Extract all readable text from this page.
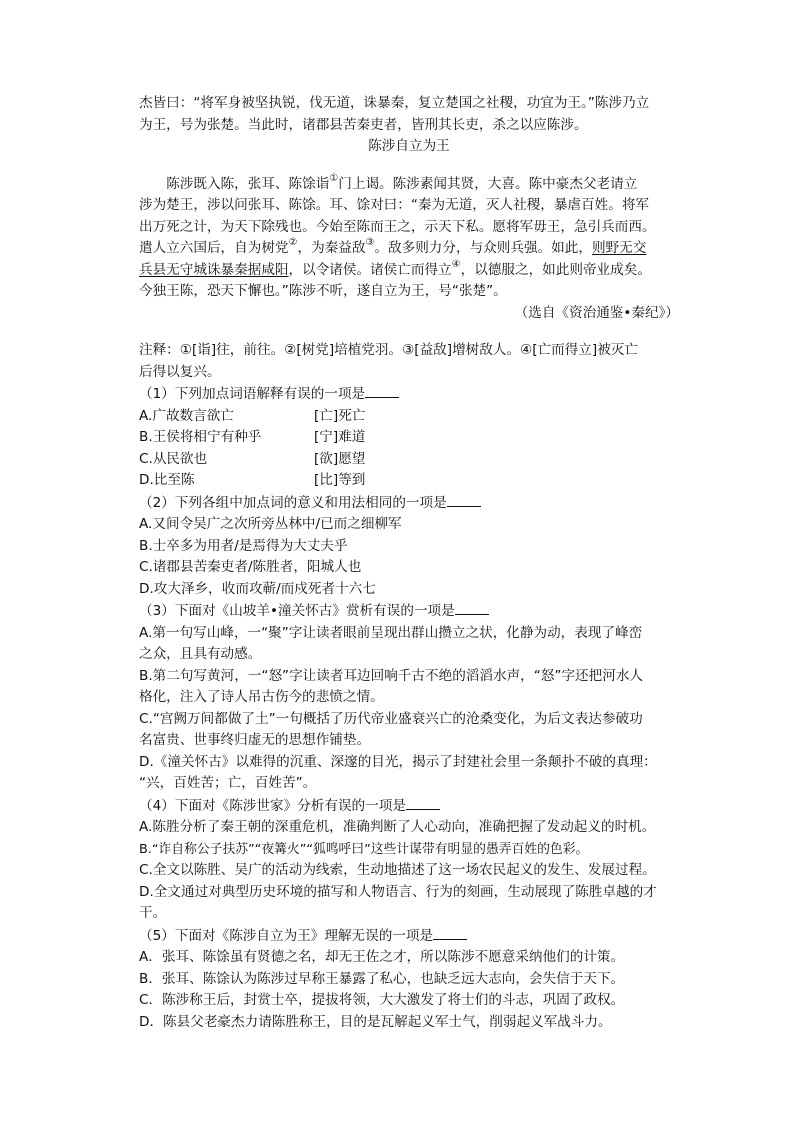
杰皆曰：“将军身被坚执锐，伐无道，诛暴秦，复立楚国之社稷，功宜为王。”陈涉乃立

为王，号为张楚。当此时，诸郡县苦秦吏者，皆刑其长吏，杀之以应陈涉。

陈涉自立为王

陈涉既入陈，张耳、陈馀诣①门上谒。陈涉素闻其贤，大喜。陈中豪杰父老请立

涉为楚王，涉以问张耳、陈馀。耳、馀对曰：“秦为无道，灭人社稷，暴虐百姓。将军

出万死之计，为天下除残也。今始至陈而王之，示天下私。愿将军毋王，急引兵而西。

遣人立六国后，自为树党②，为秦益敌③。敌多则力分，与众则兵强。如此，则野无交

兵县无守城诛暴秦据咸阳，以令诸侯。诸侯亡而得立④，以德服之，如此则帝业成矣。

今独王陈，恐天下懈也。”陈涉不听，遂自立为王，号“张楚”。

（选自《资治通鉴•秦纪》）

注释：①[诣]往，前往。②[树党]培植党羽。③[益敌]增树敌人。④[亡而得立]被灭亡

后得以复兴。

（1）下列加点词语解释有误的一项是

A.广故数言欲亡	[亡]死亡
B.王侯将相宁有种乎	[宁]难道
C.从民欲也	[欲]愿望
D.比至陈	[比]等到

（2）下列各组中加点词的意义和用法相同的一项是

A.又间令吴广之次所旁丛林中/已而之细柳军

B.士卒多为用者/是焉得为大丈夫乎

C.诸郡县苦秦吏者/陈胜者，阳城人也

D.攻大泽乡，收而攻蕲/而戍死者十六七

（3）下面对《山坡羊•潼关怀古》赏析有误的一项是

A.第一句写山峰，一“聚”字让读者眼前呈现出群山攒立之状，化静为动，表现了峰峦

之众，且具有动感。

B.第二句写黄河，一“怒”字让读者耳边回响千古不绝的滔滔水声，“怒”字还把河水人

格化，注入了诗人吊古伤今的悲愤之情。

C.“宫阙万间都做了土”一句概括了历代帝业盛衰兴亡的沧桑变化，为后文表达参破功

名富贵、世事终归虚无的思想作铺垫。

D.《潼关怀古》以难得的沉重、深邃的目光，揭示了封建社会里一条颠扑不破的真理：

“兴，百姓苦；亡，百姓苦”。

（4）下面对《陈涉世家》分析有误的一项是

A.陈胜分析了秦王朝的深重危机，准确判断了人心动向，准确把握了发动起义的时机。

B.“诈自称公子扶苏”“夜篝火”“狐鸣呼曰”这些计谋带有明显的愚弄百姓的色彩。

C.全文以陈胜、吴广的活动为线索，生动地描述了这一场农民起义的发生、发展过程。

D.全文通过对典型历史环境的描写和人物语言、行为的刻画，生动展现了陈胜卓越的才

干。

（5）下面对《陈涉自立为王》理解无误的一项是

A．张耳、陈馀虽有贤德之名，却无王佐之才，所以陈涉不愿意采纳他们的计策。

B．张耳、陈馀认为陈涉过早称王暴露了私心，也缺乏远大志向，会失信于天下。

C．陈涉称王后，封赏士卒，提拔将领，大大激发了将士们的斗志，巩固了政权。

D．陈县父老豪杰力请陈胜称王，目的是瓦解起义军士气，削弱起义军战斗力。
